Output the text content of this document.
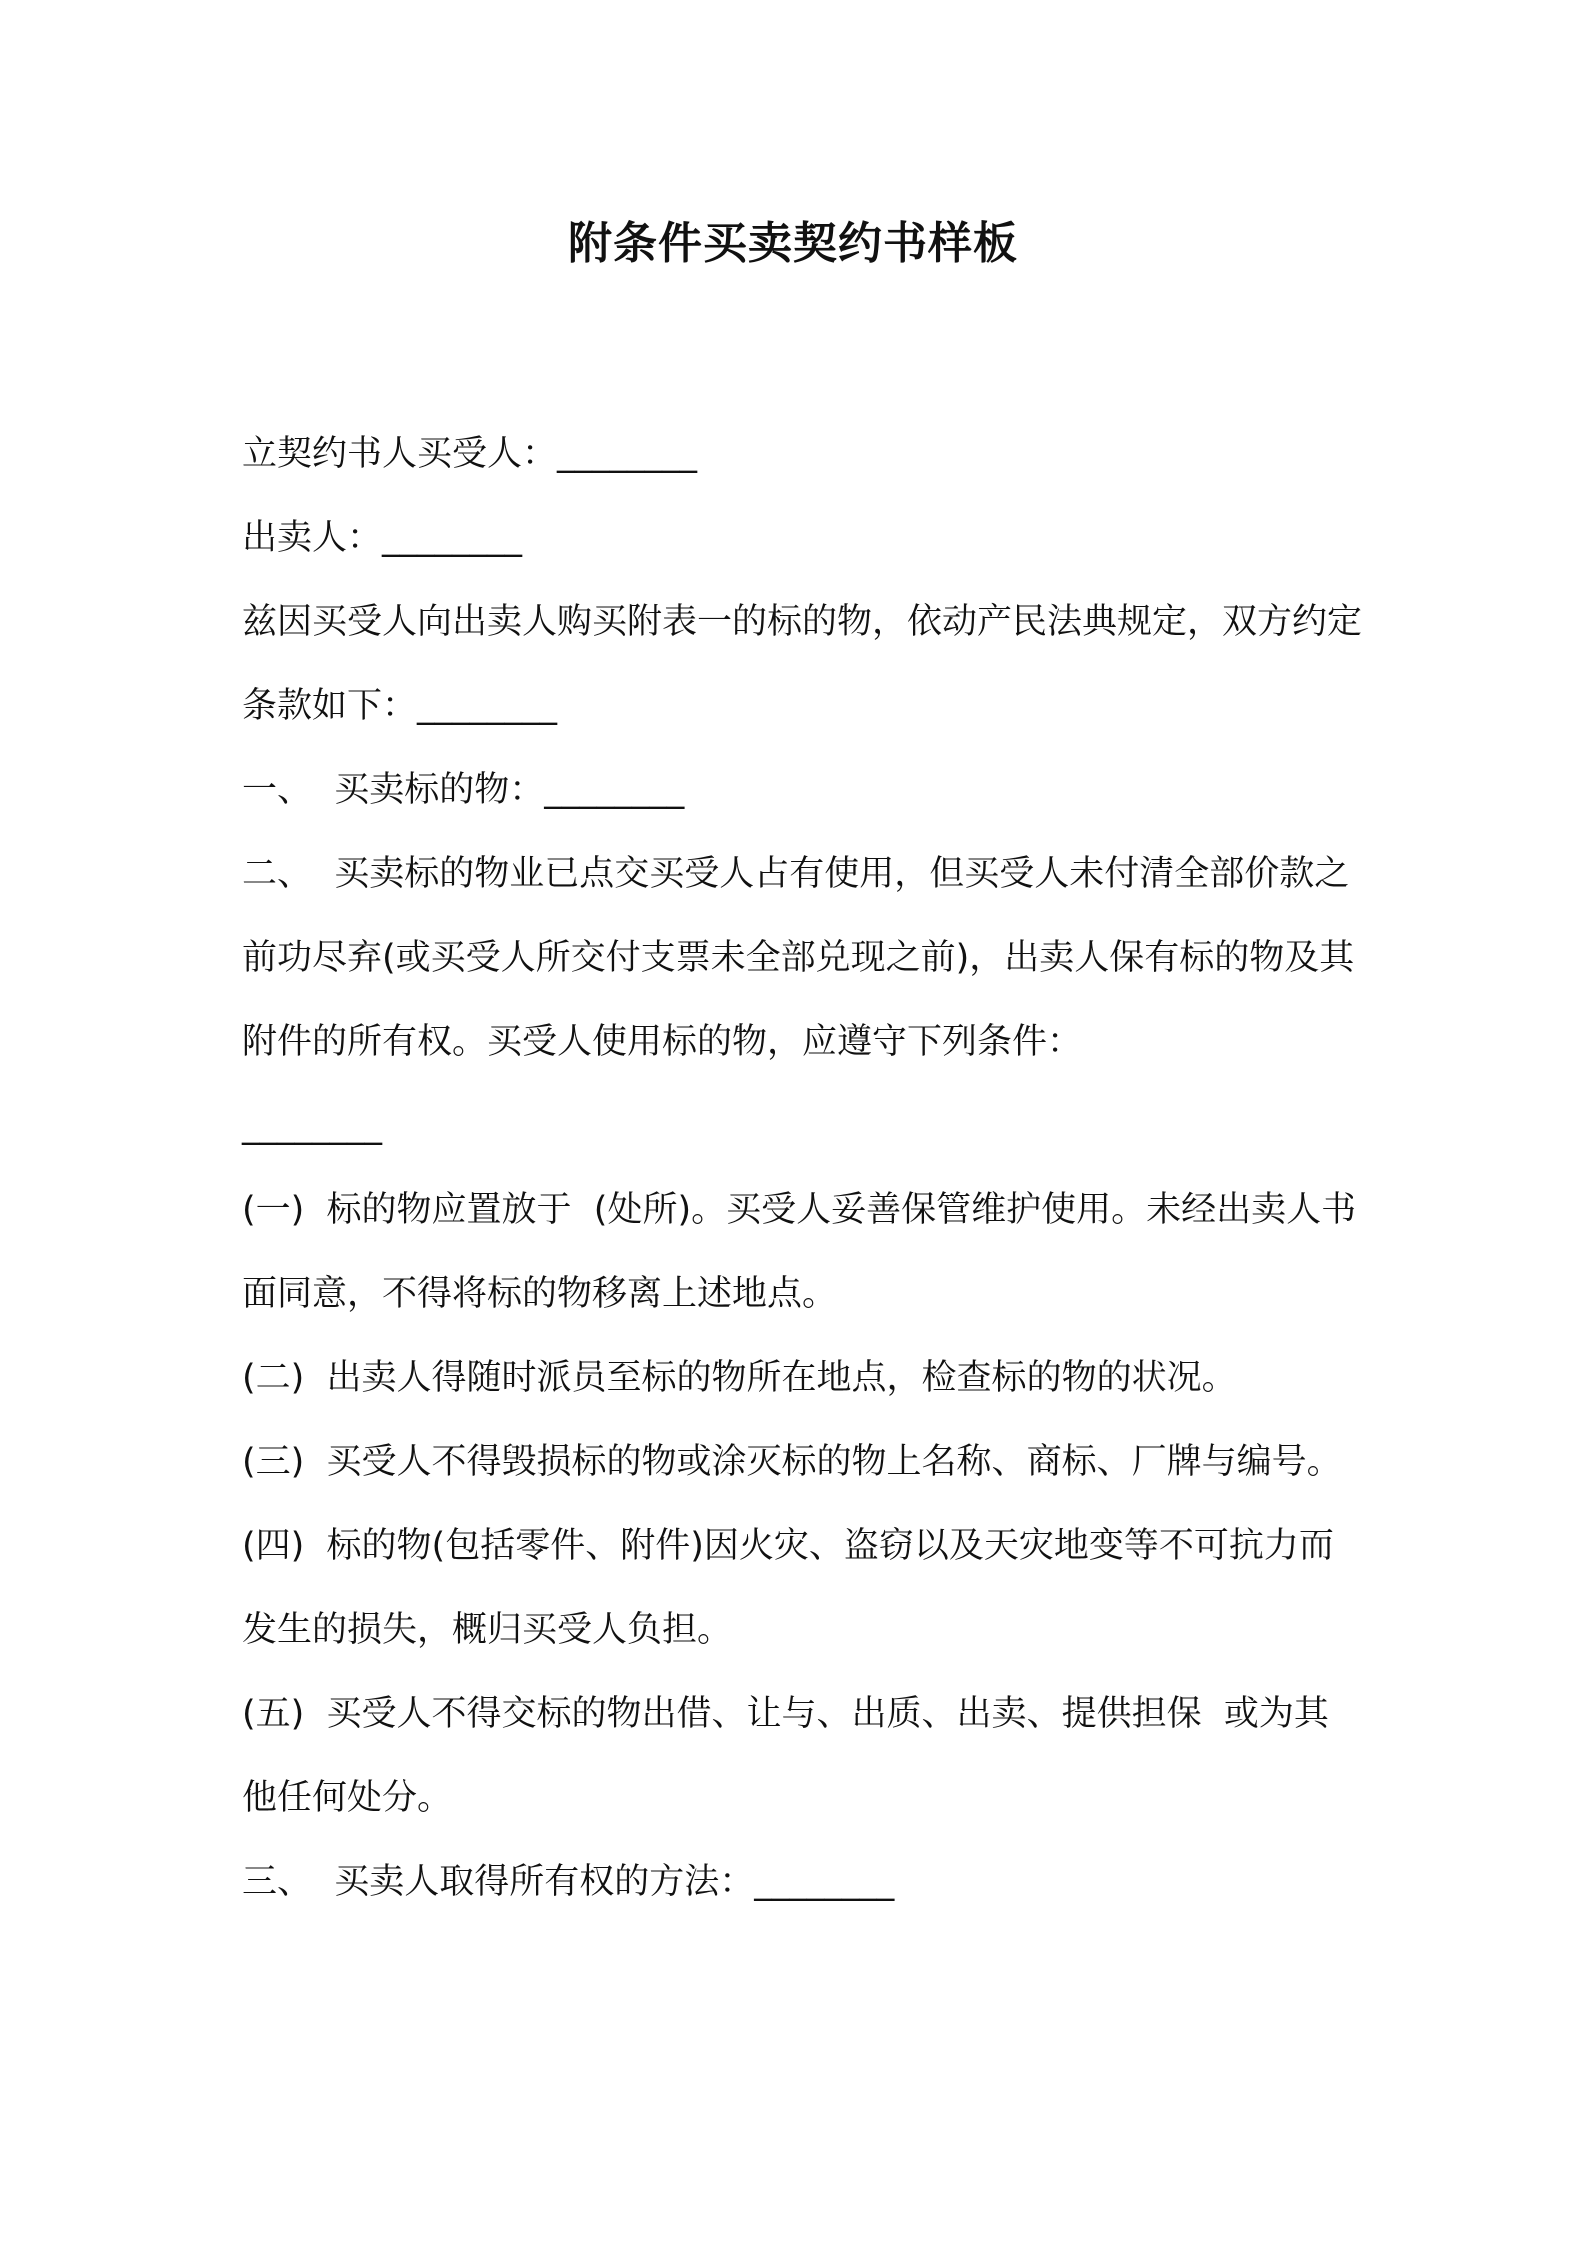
附条件买卖契约书样板

立契约书人买受人：________

出卖人：________

兹因买受人向出卖人购买附表一的标的物，依动产民法典规定，双方约定条款如下：________

一、  买卖标的物：________

二、  买卖标的物业已点交买受人占有使用，但买受人未付清全部价款之前功尽弃(或买受人所交付支票未全部兑现之前)，出卖人保有标的物及其附件的所有权。买受人使用标的物，应遵守下列条件：

________

(一)  标的物应置放于  (处所)。买受人妥善保管维护使用。未经出卖人书面同意，不得将标的物移离上述地点。

(二)  出卖人得随时派员至标的物所在地点，检查标的物的状况。

(三)  买受人不得毁损标的物或涂灭标的物上名称、商标、厂牌与编号。

(四)  标的物(包括零件、附件)因火灾、盗窃以及天灾地变等不可抗力而发生的损失，概归买受人负担。

(五)  买受人不得交标的物出借、让与、出质、出卖、提供担保  或为其他任何处分。

三、  买卖人取得所有权的方法：________
